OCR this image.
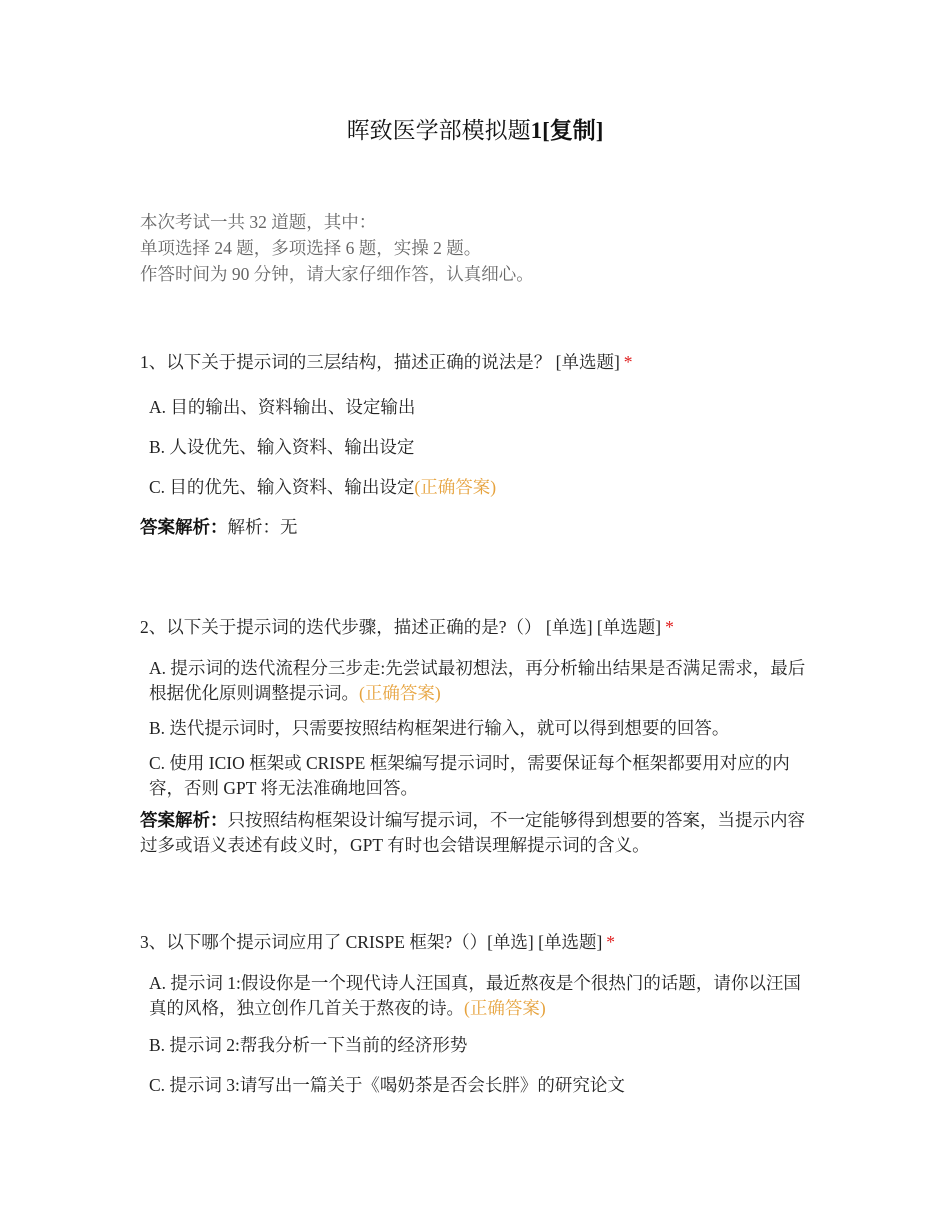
晖致医学部模拟题1[复制]
本次考试一共 32 道题，其中：
单项选择 24 题，多项选择 6 题，实操 2 题。
作答时间为 90 分钟，请大家仔细作答，认真细心。
1、以下关于提示词的三层结构，描述正确的说法是？ [单选题] *
A. 目的输出、资料输出、设定输出
B. 人设优先、输入资料、输出设定
C. 目的优先、输入资料、输出设定(正确答案)
答案解析：解析：无
2、以下关于提示词的迭代步骤，描述正确的是?（） [单选] [单选题] *
A. 提示词的迭代流程分三步走:先尝试最初想法，再分析输出结果是否满足需求，最后根据优化原则调整提示词。(正确答案)
B. 迭代提示词时，只需要按照结构框架进行输入，就可以得到想要的回答。
C. 使用 ICIO 框架或 CRISPE 框架编写提示词时，需要保证每个框架都要用对应的内容，否则 GPT 将无法准确地回答。
答案解析：只按照结构框架设计编写提示词，不一定能够得到想要的答案，当提示内容过多或语义表述有歧义时，GPT 有时也会错误理解提示词的含义。
3、以下哪个提示词应用了 CRISPE 框架?（）[单选] [单选题] *
A. 提示词 1:假设你是一个现代诗人汪国真，最近熬夜是个很热门的话题，请你以汪国真的风格，独立创作几首关于熬夜的诗。(正确答案)
B. 提示词 2:帮我分析一下当前的经济形势
C. 提示词 3:请写出一篇关于《喝奶茶是否会长胖》的研究论文
